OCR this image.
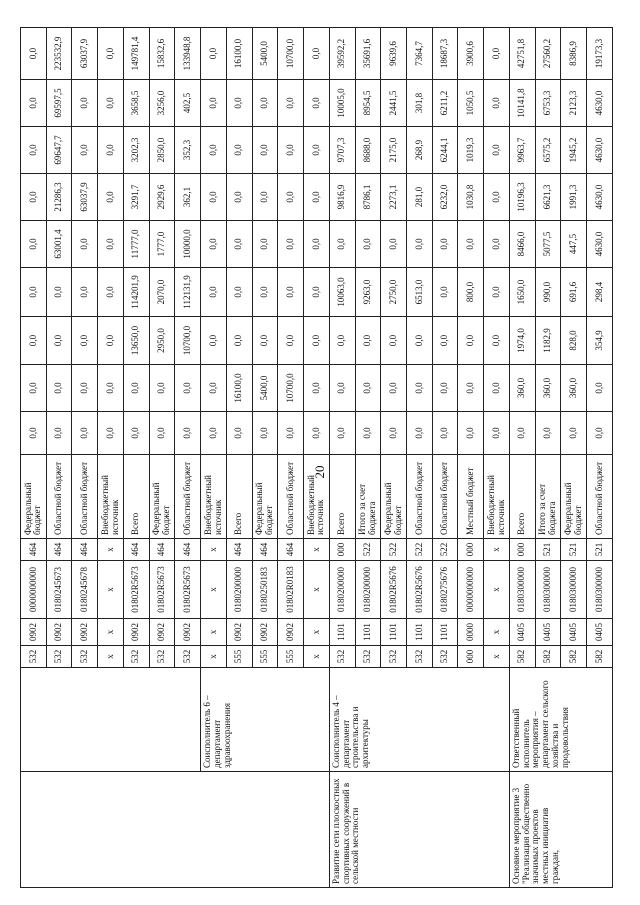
20
		532	0902	0000000000	464	Федеральный бюджет	0,0	0,0	0,0	0,0	0,0	0,0	0,0	0,0	0,0
		532	0902	0180245673	464	Областной бюджет	0,0	0,0	0,0	0,0	63001,4	21286,3	69647,7	69597,5	223532,9
		532	0902	0180245678	464	Областной бюджет	0,0	0,0	0,0	0,0	0,0	63037,9	0,0	0,0	63037,9
		х	х	х	х	Внебюджетный источник	0,0	0,0	0,0	0,0	0,0	0,0	0,0	0,0	0,0
		532	0902	01802R5673	464	Всего	0,0	0,0	13650,0	114201,9	11777,0	3291,7	3202,3	3658,5	149781,4
		532	0902	01802R5673	464	Федеральный бюджет	0,0	0,0	2950,0	2070,0	1777,0	2929,6	2850,0	3256,0	15832,6
		532	0902	01802R5673	464	Областной бюджет	0,0	0,0	10700,0	112131,9	10000,0	362,1	352,3	402,5	133948,8
	Соисполнитель 6 – департамент здравоохранения	х	х	х	х	Внебюджетный источник	0,0	0,0	0,0	0,0	0,0	0,0	0,0	0,0	0,0
		555	0902	0180200000	464	Всего	0,0	16100,0	0,0	0,0	0,0	0,0	0,0	0,0	16100,0
		555	0902	0180250183	464	Федеральный бюджет	0,0	5400,0	0,0	0,0	0,0	0,0	0,0	0,0	5400,0
		555	0902	01802R0183	464	Областной бюджет	0,0	10700,0	0,0	0,0	0,0	0,0	0,0	0,0	10700,0
		х	х	х	х	Внебюджетный источник	0,0	0,0	0,0	0,0	0,0	0,0	0,0	0,0	0,0
Развитие сети плоскостных спортивных сооружений в сельской местности	Соисполнитель 4 – департамент строительства и архитектуры	532	1101	0180200000	000	Всего	0,0	0,0	0,0	10063,0	0,0	9816,9	9707,3	10005,0	39592,2
		532	1101	0180200000	522	Итого за счет бюджета	0,0	0,0	0,0	9263,0	0,0	8786,1	8688,0	8954,5	35691,6
		532	1101	01802R5676	522	Федеральный бюджет	0,0	0,0	0,0	2750,0	0,0	2273,1	2175,0	2441,5	9639,6
		532	1101	01802R5676	522	Областной бюджет	0,0	0,0	0,0	6513,0	0,0	281,0	268,9	301,8	7364,7
		532	1101	0180275676	522	Областной бюджет	0,0	0,0	0,0	0,0	0,0	6232,0	6244,1	6211,2	18687,3
		000	0000	0000000000	000	Местный бюджет	0,0	0,0	0,0	800,0	0,0	1030,8	1019,3	1050,5	3900,6
		х	х	х	х	Внебюджетный источник	0,0	0,0	0,0	0,0	0,0	0,0	0,0	0,0	0,0
Основное мероприятие 3 "Реализация общественно значимых проектов местных инициатив граждан,	Ответственный исполнитель мероприятия – департамент сельского хозяйства и продовольствия	582	0405	0180300000	000	Всего	0,0	360,0	1974,0	1650,0	8466,0	10196,3	9963,7	10141,8	42751,8
		582	0405	0180300000	521	Итого за счет бюджета	0,0	360,0	1182,9	990,0	5077,5	6621,3	6575,2	6753,3	27560,2
		582	0405	0180300000	521	Федеральный бюджет	0,0	360,0	828,0	691,6	447,5	1991,3	1945,2	2123,3	8386,9
		582	0405	0180300000	521	Областной бюджет	0,0	0,0	354,9	298,4	4630,0	4630,0	4630,0	4630,0	19173,3
